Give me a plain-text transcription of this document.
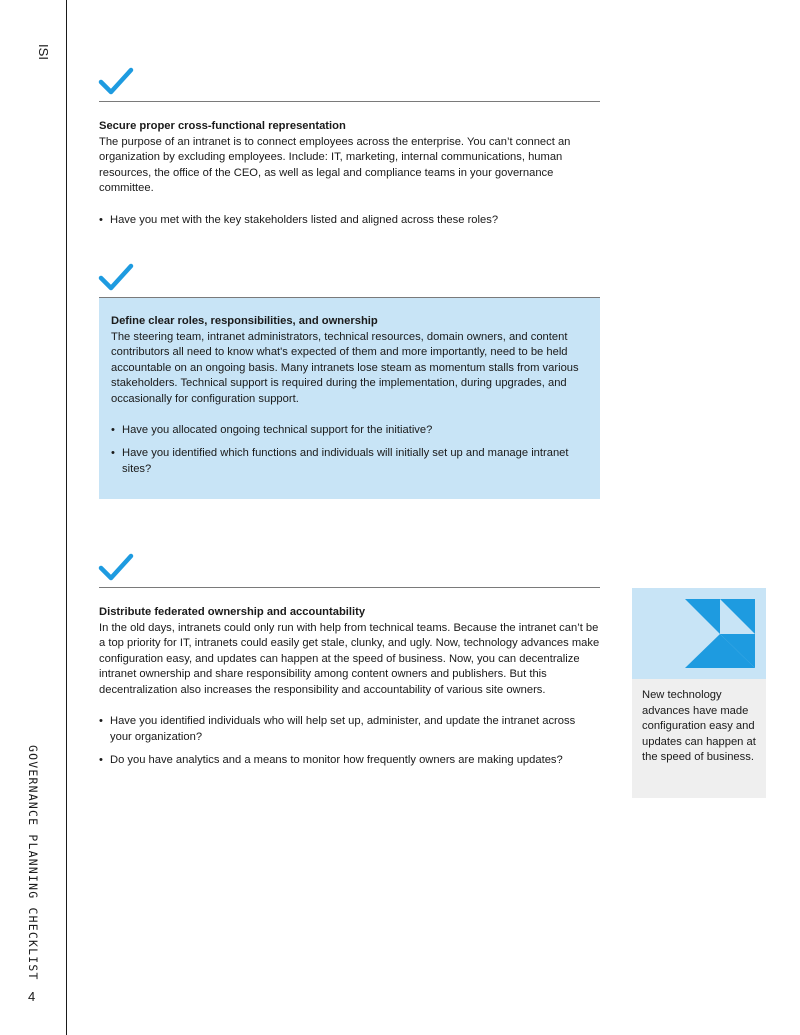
ISI
GOVERNANCE PLANNING CHECKLIST
4
Secure proper cross-functional representation

The purpose of an intranet is to connect employees across the enterprise. You can’t connect an organization by excluding employees. Include: IT, marketing, internal communications, human resources, the office of the CEO, as well as legal and compliance teams in your governance committee.

• Have you met with the key stakeholders listed and aligned across these roles?
Define clear roles, responsibilities, and ownership

The steering team, intranet administrators, technical resources, domain owners, and content contributors all need to know what's expected of them and more importantly, need to be held accountable on an ongoing basis. Many intranets lose steam as momentum stalls from various stakeholders. Technical support is required during the implementation, during upgrades, and occasionally for configuration support.

• Have you allocated ongoing technical support for the initiative?
• Have you identified which functions and individuals will initially set up and manage intranet sites?
Distribute federated ownership and accountability

In the old days, intranets could only run with help from technical teams. Because the intranet can’t be a top priority for IT, intranets could easily get stale, clunky, and ugly. Now, technology advances make configuration easy, and updates can happen at the speed of business. Now, you can decentralize intranet ownership and share responsibility among content owners and publishers. But this decentralization also increases the responsibility and accountability of various site owners.

• Have you identified individuals who will help set up, administer, and update the intranet across your organization?
• Do you have analytics and a means to monitor how frequently owners are making updates?
New technology advances have made configuration easy and updates can happen at the speed of business.
